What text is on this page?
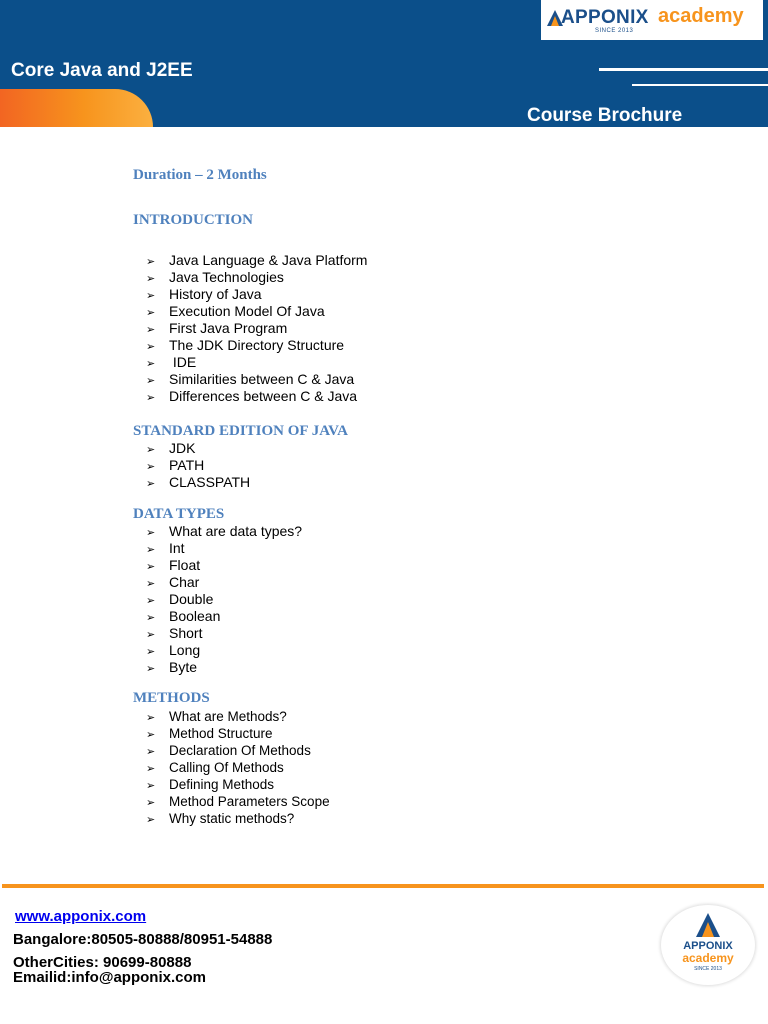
APPONIX academy
SINCE 2013
Core Java and J2EE
Course Brochure
Duration – 2 Months
INTRODUCTION
➢ Java Language & Java Platform
➢ Java Technologies
➢ History of Java
➢ Execution Model Of Java
➢ First Java Program
➢ The JDK Directory Structure
➢ IDE
➢ Similarities between C & Java
➢ Differences between C & Java
STANDARD EDITION OF JAVA
➢ JDK
➢ PATH
➢ CLASSPATH
DATA TYPES
➢ What are data types?
➢ Int
➢ Float
➢ Char
➢ Double
➢ Boolean
➢ Short
➢ Long
➢ Byte
METHODS
➢ What are Methods?
➢ Method Structure
➢ Declaration Of Methods
➢ Calling Of Methods
➢ Defining Methods
➢ Method Parameters Scope
➢ Why static methods?
www.apponix.com
Bangalore:80505-80888/80951-54888
OtherCities: 90699-80888
Emailid:info@apponix.com
APPONIX
academy
SINCE 2013
